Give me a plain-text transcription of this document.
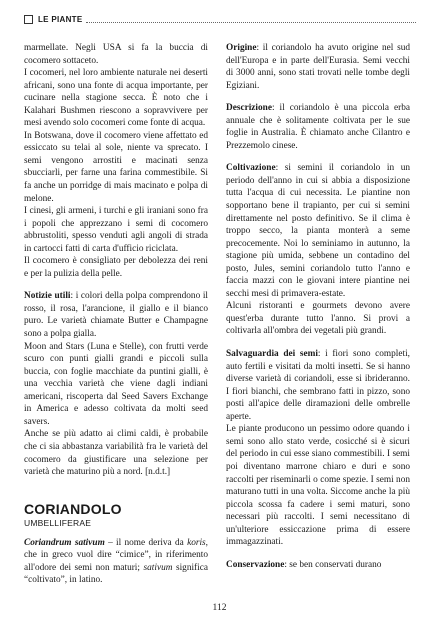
LE PIANTE

marmellate. Negli USA si fa la buccia di cocomero sottaceto.

I cocomeri, nel loro ambiente naturale nei deserti africani, sono una fonte di acqua importante, per cucinare nella stagione secca. È noto che i Kalahari Bushmen riescono a sopravvivere per mesi avendo solo cocomeri come fonte di acqua.

In Botswana, dove il cocomero viene affettato ed essiccato su telai al sole, niente va sprecato. I semi vengono arrostiti e macinati senza sbucciarli, per farne una farina commestibile. Si fa anche un porridge di mais macinato e polpa di melone.

I cinesi, gli armeni, i turchi e gli iraniani sono fra i popoli che apprezzano i semi di cocomero abbrustoliti, spesso venduti agli angoli di strada in cartocci fatti di carta d'ufficio riciclata.

Il cocomero è consigliato per debolezza dei reni e per la pulizia della pelle.

Notizie utili: i colori della polpa comprendono il rosso, il rosa, l'arancione, il giallo e il bianco puro. Le varietà chiamate Butter e Champagne sono a polpa gialla.

Moon and Stars (Luna e Stelle), con frutti verde scuro con punti gialli grandi e piccoli sulla buccia, con foglie macchiate da puntini gialli, è una vecchia varietà che viene dagli indiani americani, riscoperta dal Seed Savers Exchange in America e adesso coltivata da molti seed savers.

Anche se più adatto ai climi caldi, è probabile che ci sia abbastanza variabilità fra le varietà del cocomero da giustificare una selezione per varietà che maturino più a nord. [n.d.t.]

CORIANDOLO
UMBELLIFERAE

Coriandrum sativum – il nome deriva da koris, che in greco vuol dire “cimice”, in riferimento all'odore dei semi non maturi; sativum significa “coltivato”, in latino.

Origine: il coriandolo ha avuto origine nel sud dell'Europa e in parte dell'Eurasia. Semi vecchi di 3000 anni, sono stati trovati nelle tombe degli Egiziani.

Descrizione: il coriandolo è una piccola erba annuale che è solitamente coltivata per le sue foglie in Australia. È chiamato anche Cilantro e Prezzemolo cinese.

Coltivazione: si semini il coriandolo in un periodo dell'anno in cui si abbia a disposizione tutta l'acqua di cui necessita. Le piantine non sopportano bene il trapianto, per cui si semini direttamente nel posto definitivo. Se il clima è troppo secco, la pianta monterà a seme precocemente. Noi lo seminiamo in autunno, la stagione più umida, sebbene un contadino del posto, Jules, semini coriandolo tutto l'anno e faccia mazzi con le giovani intere piantine nei secchi mesi di primavera-estate.

Alcuni ristoranti e gourmets devono avere quest'erba durante tutto l'anno. Si provi a coltivarla all'ombra dei vegetali più grandi.

Salvaguardia dei semi: i fiori sono completi, auto fertili e visitati da molti insetti. Se si hanno diverse varietà di coriandoli, esse si ibrideranno. I fiori bianchi, che sembrano fatti in pizzo, sono posti all'apice delle diramazioni delle ombrelle aperte.

Le piante producono un pessimo odore quando i semi sono allo stato verde, cosicché si è sicuri del periodo in cui esse siano commestibili. I semi poi diventano marrone chiaro e duri e sono raccolti per riseminarli o come spezie. I semi non maturano tutti in una volta. Siccome anche la più piccola scossa fa cadere i semi maturi, sono necessari più raccolti. I semi necessitano di un'ulteriore essiccazione prima di essere immagazzinati.

Conservazione: se ben conservati durano

112
